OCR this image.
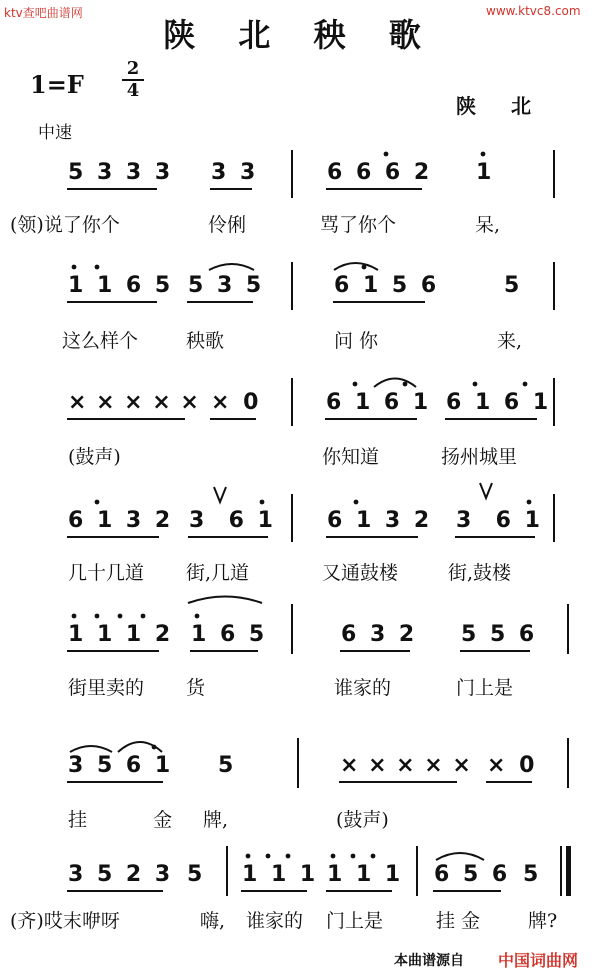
ktv查吧曲谱网	www.ktvc8.com
陕 北 秧 歌
1=F
2
4
陕 北
中速
5 3 3 3 3 3	6 6 6 2 1
(领)说了你个	伶俐	骂了你个	呆,
1 1 6 5 5 3 5	6 1 5 6	5
这么样个	秧歌	问 你	来,
× × × × × × 0	6 1 6 1 6 1 6 1
(鼓声)	你知道	扬州城里
6 1 3 2 3  6 1 6 1 3 2 3  6 1
几十几道 街,几道	又通鼓楼	街,鼓楼
1 1 1 2 1 6 5	6 3 2 5 5 6
街里卖的 货	谁家的	门上是
3 5 6 1 5	× × × × × × 0
挂  金 牌,	(鼓声)
3 5 2 3 5 1 1 1 1 1 1 6 5 6 5
(齐)哎末咿呀	嗨, 谁家的 门上是	挂 金	牌?
本曲谱源自 中国词曲网
